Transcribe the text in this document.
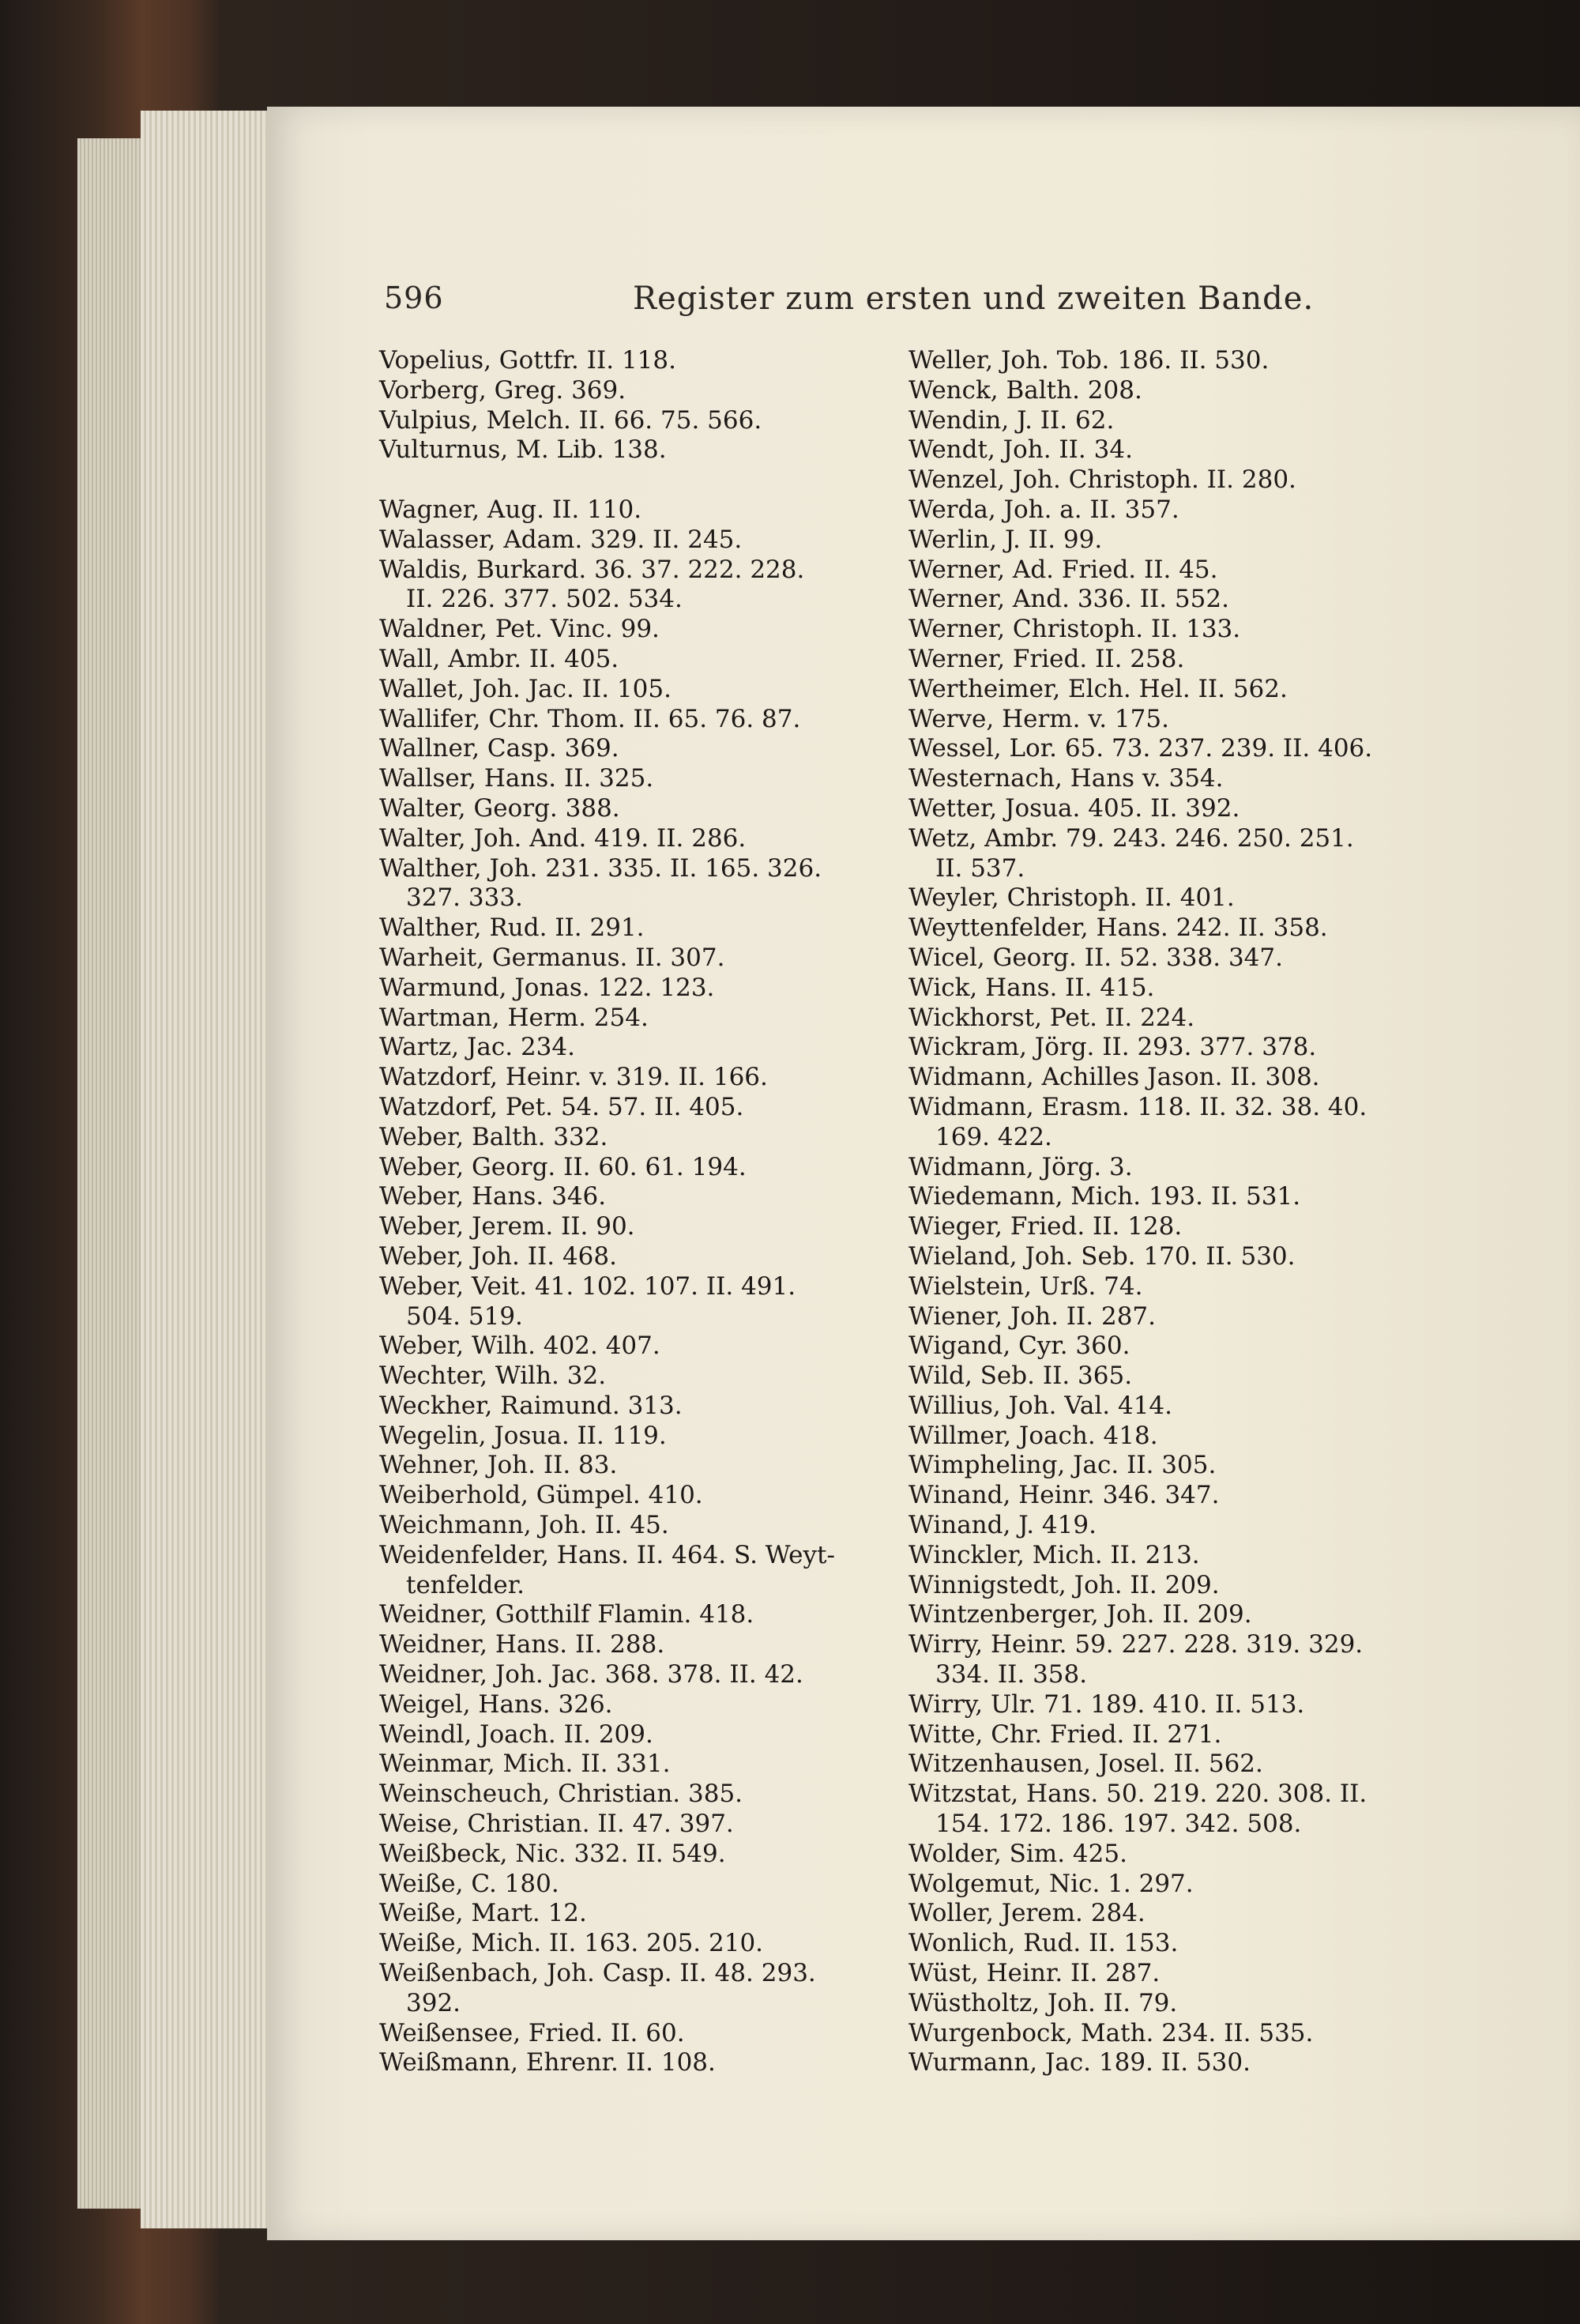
596	Register zum ersten und zweiten Bande.
Vopelius, Gottfr. II. 118.
Vorberg, Greg. 369.
Vulpius, Melch. II. 66. 75. 566.
Vulturnus, M. Lib. 138.
Wagner, Aug. II. 110.
Walasser, Adam. 329. II. 245.
Waldis, Burkard. 36. 37. 222. 228.
II. 226. 377. 502. 534.
Waldner, Pet. Vinc. 99.
Wall, Ambr. II. 405.
Wallet, Joh. Jac. II. 105.
Wallifer, Chr. Thom. II. 65. 76. 87.
Wallner, Casp. 369.
Wallser, Hans. II. 325.
Walter, Georg. 388.
Walter, Joh. And. 419. II. 286.
Walther, Joh. 231. 335. II. 165. 326.
327. 333.
Walther, Rud. II. 291.
Warheit, Germanus. II. 307.
Warmund, Jonas. 122. 123.
Wartman, Herm. 254.
Wartz, Jac. 234.
Watzdorf, Heinr. v. 319. II. 166.
Watzdorf, Pet. 54. 57. II. 405.
Weber, Balth. 332.
Weber, Georg. II. 60. 61. 194.
Weber, Hans. 346.
Weber, Jerem. II. 90.
Weber, Joh. II. 468.
Weber, Veit. 41. 102. 107. II. 491.
504. 519.
Weber, Wilh. 402. 407.
Wechter, Wilh. 32.
Weckher, Raimund. 313.
Wegelin, Josua. II. 119.
Wehner, Joh. II. 83.
Weiberhold, Gümpel. 410.
Weichmann, Joh. II. 45.
Weidenfelder, Hans. II. 464. S. Weyt-
tenfelder.
Weidner, Gotthilf Flamin. 418.
Weidner, Hans. II. 288.
Weidner, Joh. Jac. 368. 378. II. 42.
Weigel, Hans. 326.
Weindl, Joach. II. 209.
Weinmar, Mich. II. 331.
Weinscheuch, Christian. 385.
Weise, Christian. II. 47. 397.
Weißbeck, Nic. 332. II. 549.
Weiße, C. 180.
Weiße, Mart. 12.
Weiße, Mich. II. 163. 205. 210.
Weißenbach, Joh. Casp. II. 48. 293.
392.
Weißensee, Fried. II. 60.
Weißmann, Ehrenr. II. 108.
Weller, Joh. Tob. 186. II. 530.
Wenck, Balth. 208.
Wendin, J. II. 62.
Wendt, Joh. II. 34.
Wenzel, Joh. Christoph. II. 280.
Werda, Joh. a. II. 357.
Werlin, J. II. 99.
Werner, Ad. Fried. II. 45.
Werner, And. 336. II. 552.
Werner, Christoph. II. 133.
Werner, Fried. II. 258.
Wertheimer, Elch. Hel. II. 562.
Werve, Herm. v. 175.
Wessel, Lor. 65. 73. 237. 239. II. 406.
Westernach, Hans v. 354.
Wetter, Josua. 405. II. 392.
Wetz, Ambr. 79. 243. 246. 250. 251.
II. 537.
Weyler, Christoph. II. 401.
Weyttenfelder, Hans. 242. II. 358.
Wicel, Georg. II. 52. 338. 347.
Wick, Hans. II. 415.
Wickhorst, Pet. II. 224.
Wickram, Jörg. II. 293. 377. 378.
Widmann, Achilles Jason. II. 308.
Widmann, Erasm. 118. II. 32. 38. 40.
169. 422.
Widmann, Jörg. 3.
Wiedemann, Mich. 193. II. 531.
Wieger, Fried. II. 128.
Wieland, Joh. Seb. 170. II. 530.
Wielstein, Urß. 74.
Wiener, Joh. II. 287.
Wigand, Cyr. 360.
Wild, Seb. II. 365.
Willius, Joh. Val. 414.
Willmer, Joach. 418.
Wimpheling, Jac. II. 305.
Winand, Heinr. 346. 347.
Winand, J. 419.
Winckler, Mich. II. 213.
Winnigstedt, Joh. II. 209.
Wintzenberger, Joh. II. 209.
Wirry, Heinr. 59. 227. 228. 319. 329.
334. II. 358.
Wirry, Ulr. 71. 189. 410. II. 513.
Witte, Chr. Fried. II. 271.
Witzenhausen, Josel. II. 562.
Witzstat, Hans. 50. 219. 220. 308. II.
154. 172. 186. 197. 342. 508.
Wolder, Sim. 425.
Wolgemut, Nic. 1. 297.
Woller, Jerem. 284.
Wonlich, Rud. II. 153.
Wüst, Heinr. II. 287.
Wüstholtz, Joh. II. 79.
Wurgenbock, Math. 234. II. 535.
Wurmann, Jac. 189. II. 530.
